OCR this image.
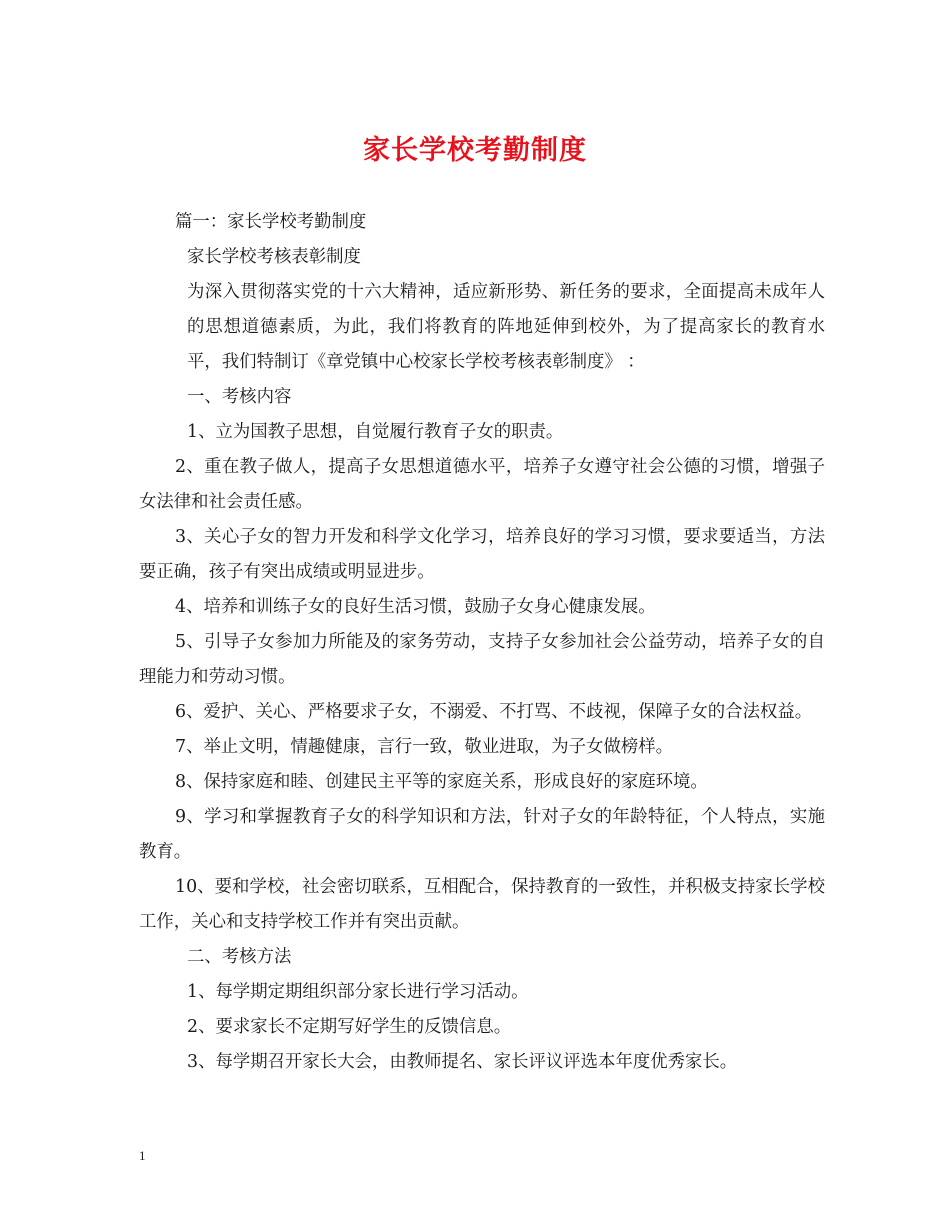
家长学校考勤制度

篇一：家长学校考勤制度

家长学校考核表彰制度

为深入贯彻落实党的十六大精神，适应新形势、新任务的要求，全面提高未成年人的思想道德素质，为此，我们将教育的阵地延伸到校外，为了提高家长的教育水平，我们特制订《章党镇中心校家长学校考核表彰制度》 ：

一、考核内容

1、立为国教子思想，自觉履行教育子女的职责。

2、重在教子做人，提高子女思想道德水平，培养子女遵守社会公德的习惯，增强子女法律和社会责任感。

3、关心子女的智力开发和科学文化学习，培养良好的学习习惯，要求要适当，方法要正确，孩子有突出成绩或明显进步。

4、培养和训练子女的良好生活习惯，鼓励子女身心健康发展。

5、引导子女参加力所能及的家务劳动，支持子女参加社会公益劳动，培养子女的自理能力和劳动习惯。

6、爱护、关心、严格要求子女，不溺爱、不打骂、不歧视，保障子女的合法权益。

7、举止文明，情趣健康，言行一致，敬业进取，为子女做榜样。

8、保持家庭和睦、创建民主平等的家庭关系，形成良好的家庭环境。

9、学习和掌握教育子女的科学知识和方法，针对子女的年龄特征，个人特点，实施教育。

10、要和学校，社会密切联系，互相配合，保持教育的一致性，并积极支持家长学校工作，关心和支持学校工作并有突出贡献。

二、考核方法

1、每学期定期组织部分家长进行学习活动。

2、要求家长不定期写好学生的反馈信息。

3、每学期召开家长大会，由教师提名、家长评议评选本年度优秀家长。

1
